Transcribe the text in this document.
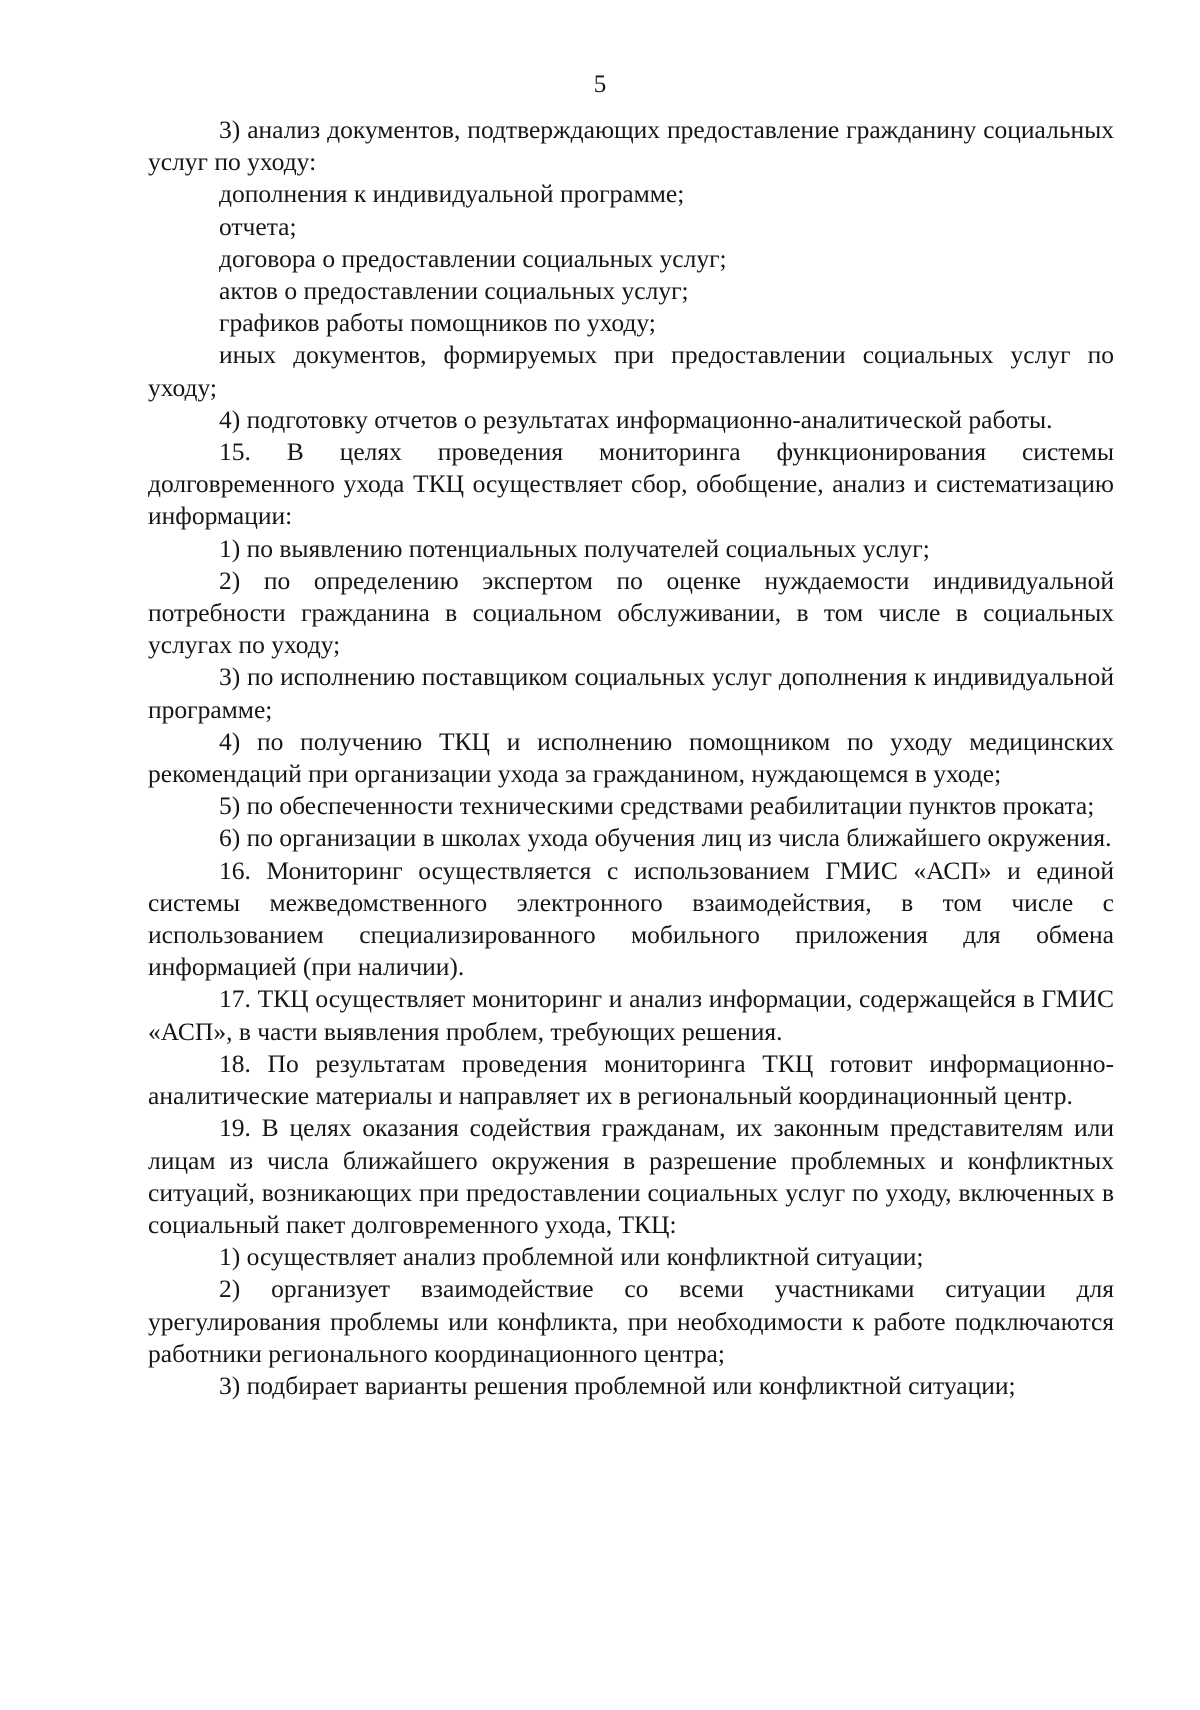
5

3) анализ документов, подтверждающих предоставление гражданину социальных услуг по уходу:

дополнения к индивидуальной программе;

отчета;

договора о предоставлении социальных услуг;

актов о предоставлении социальных услуг;

графиков работы помощников по уходу;

иных документов, формируемых при предоставлении социальных услуг по уходу;

4) подготовку отчетов о результатах информационно-аналитической работы.

15. В целях проведения мониторинга функционирования системы долговременного ухода ТКЦ осуществляет сбор, обобщение, анализ и систематизацию информации:

1) по выявлению потенциальных получателей социальных услуг;

2) по определению экспертом по оценке нуждаемости индивидуальной потребности гражданина в социальном обслуживании, в том числе в социальных услугах по уходу;

3) по исполнению поставщиком социальных услуг дополнения к индивидуальной программе;

4) по получению ТКЦ и исполнению помощником по уходу медицинских рекомендаций при организации ухода за гражданином, нуждающемся в уходе;

5) по обеспеченности техническими средствами реабилитации пунктов проката;

6) по организации в школах ухода обучения лиц из числа ближайшего окружения.

16. Мониторинг осуществляется с использованием ГМИС «АСП» и единой системы межведомственного электронного взаимодействия, в том числе с использованием специализированного мобильного приложения для обмена информацией (при наличии).

17. ТКЦ осуществляет мониторинг и анализ информации, содержащейся в ГМИС «АСП», в части выявления проблем, требующих решения.

18. По результатам проведения мониторинга ТКЦ готовит информационно-аналитические материалы и направляет их в региональный координационный центр.

19. В целях оказания содействия гражданам, их законным представителям или лицам из числа ближайшего окружения в разрешение проблемных и конфликтных ситуаций, возникающих при предоставлении социальных услуг по уходу, включенных в социальный пакет долговременного ухода, ТКЦ:

1) осуществляет анализ проблемной или конфликтной ситуации;

2) организует взаимодействие со всеми участниками ситуации для урегулирования проблемы или конфликта, при необходимости к работе подключаются работники регионального координационного центра;

3) подбирает варианты решения проблемной или конфликтной ситуации;
